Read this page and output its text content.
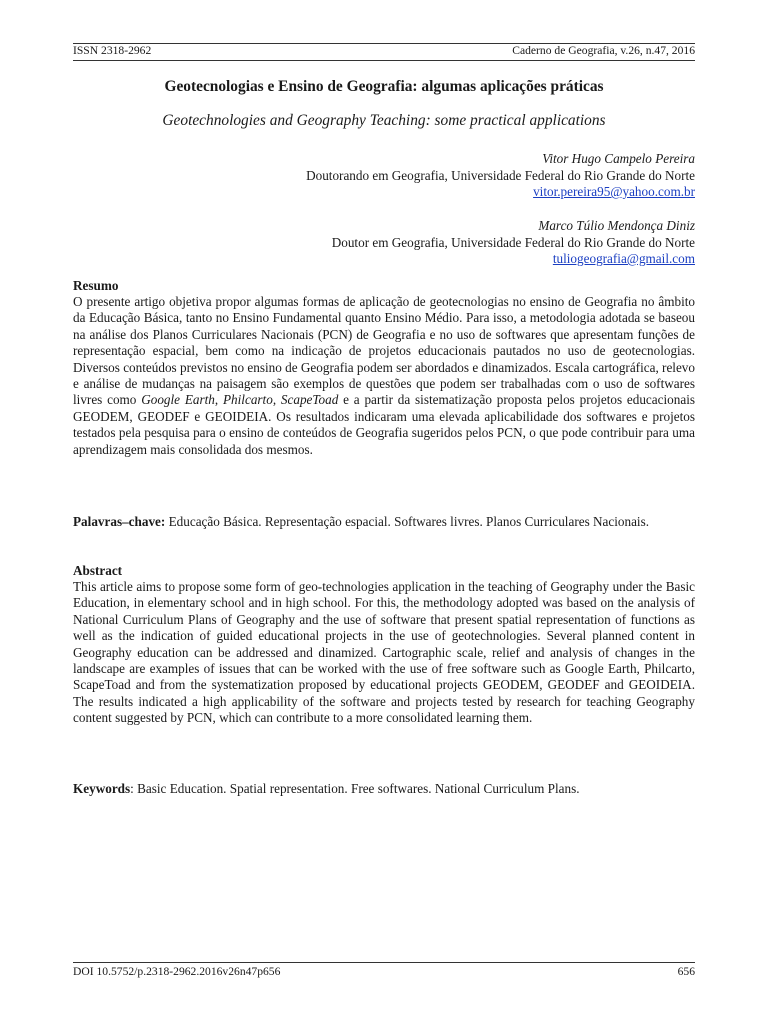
ISSN 2318-2962	Caderno de Geografia, v.26, n.47, 2016
Geotecnologias e Ensino de Geografia: algumas aplicações práticas
Geotechnologies and Geography Teaching: some practical applications
Vitor Hugo Campelo Pereira
Doutorando em Geografia, Universidade Federal do Rio Grande do Norte
vitor.pereira95@yahoo.com.br
Marco Túlio Mendonça Diniz
Doutor em Geografia, Universidade Federal do Rio Grande do Norte
tuliogeografia@gmail.com
Resumo
O presente artigo objetiva propor algumas formas de aplicação de geotecnologias no ensino de Geografia no âmbito da Educação Básica, tanto no Ensino Fundamental quanto Ensino Médio. Para isso, a metodologia adotada se baseou na análise dos Planos Curriculares Nacionais (PCN) de Geografia e no uso de softwares que apresentam funções de representação espacial, bem como na indicação de projetos educacionais pautados no uso de geotecnologias. Diversos conteúdos previstos no ensino de Geografia podem ser abordados e dinamizados. Escala cartográfica, relevo e análise de mudanças na paisagem são exemplos de questões que podem ser trabalhadas com o uso de softwares livres como Google Earth, Philcarto, ScapeToad e a partir da sistematização proposta pelos projetos educacionais GEODEM, GEODEF e GEOIDEIA. Os resultados indicaram uma elevada aplicabilidade dos softwares e projetos testados pela pesquisa para o ensino de conteúdos de Geografia sugeridos pelos PCN, o que pode contribuir para uma aprendizagem mais consolidada dos mesmos.
Palavras–chave: Educação Básica. Representação espacial. Softwares livres. Planos Curriculares Nacionais.
Abstract
This article aims to propose some form of geo-technologies application in the teaching of Geography under the Basic Education, in elementary school and in high school. For this, the methodology adopted was based on the analysis of National Curriculum Plans of Geography and the use of software that present spatial representation of functions as well as the indication of guided educational projects in the use of geotechnologies. Several planned content in Geography education can be addressed and dinamized. Cartographic scale, relief and analysis of changes in the landscape are examples of issues that can be worked with the use of free software such as Google Earth, Philcarto, ScapeToad and from the systematization proposed by educational projects GEODEM, GEODEF and GEOIDEIA. The results indicated a high applicability of the software and projects tested by research for teaching Geography content suggested by PCN, which can contribute to a more consolidated learning them.
Keywords: Basic Education. Spatial representation. Free softwares. National Curriculum Plans.
DOI 10.5752/p.2318-2962.2016v26n47p656	656
